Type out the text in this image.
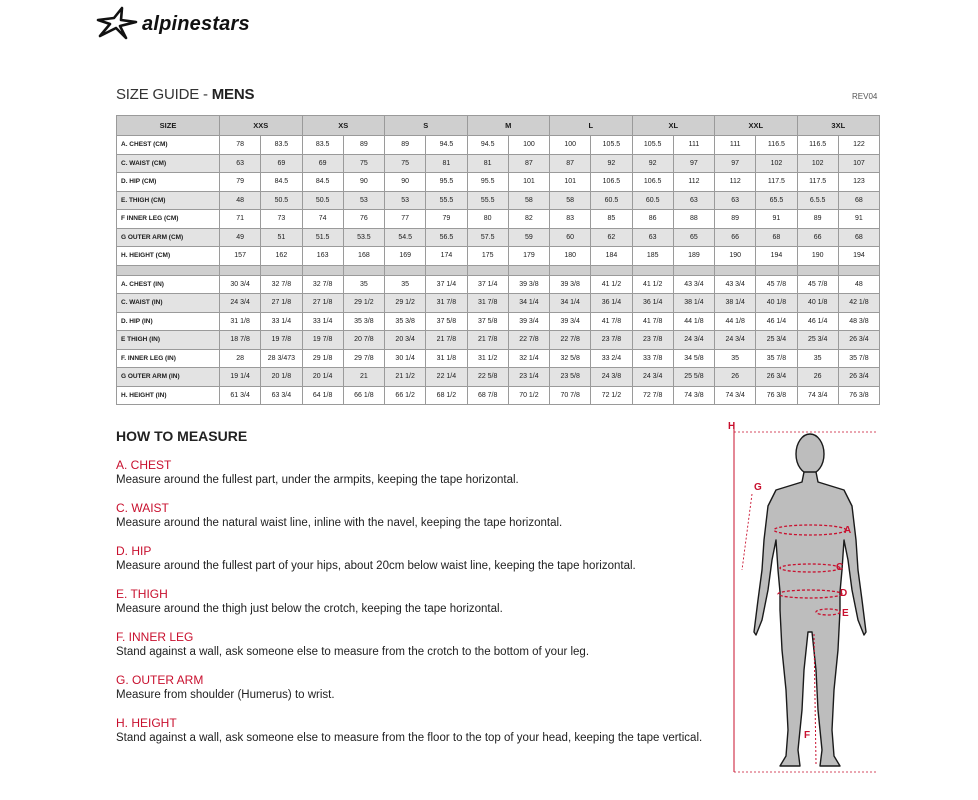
alpinestars
SIZE GUIDE - MENS	REV04
SIZE	XXS		XS		S		M		L		XL		XXL		3XL	
A. CHEST (CM)	78	83.5	83.5	89	89	94.5	94.5	100	100	105.5	105.5	111	111	116.5	116.5	122
C. WAIST (CM)	63	69	69	75	75	81	81	87	87	92	92	97	97	102	102	107
D. HIP (CM)	79	84.5	84.5	90	90	95.5	95.5	101	101	106.5	106.5	112	112	117.5	117.5	123
E. THIGH (CM)	48	50.5	50.5	53	53	55.5	55.5	58	58	60.5	60.5	63	63	65.5	6.5.5	68
F INNER LEG (CM)	71	73	74	76	77	79	80	82	83	85	86	88	89	91	89	91
G OUTER ARM (CM)	49	51	51.5	53.5	54.5	56.5	57.5	59	60	62	63	65	66	68	66	68
H. HEIGHT (CM)	157	162	163	168	169	174	175	179	180	184	185	189	190	194	190	194

A. CHEST (IN)	30 3/4	32 7/8	32 7/8	35	35	37 1/4	37 1/4	39 3/8	39 3/8	41 1/2	41 1/2	43 3/4	43 3/4	45 7/8	45 7/8	48
C. WAIST (IN)	24 3/4	27 1/8	27 1/8	29 1/2	29 1/2	31 7/8	31 7/8	34 1/4	34 1/4	36 1/4	36 1/4	38 1/4	38 1/4	40 1/8	40 1/8	42 1/8
D. HIP (IN)	31 1/8	33 1/4	33 1/4	35 3/8	35 3/8	37 5/8	37 5/8	39 3/4	39 3/4	41 7/8	41 7/8	44 1/8	44 1/8	46 1/4	46 1/4	48 3/8
E THIGH (IN)	18 7/8	19 7/8	19 7/8	20 7/8	20 3/4	21 7/8	21 7/8	22 7/8	22 7/8	23 7/8	23 7/8	24 3/4	24 3/4	25 3/4	25 3/4	26 3/4
F. INNER LEG (IN)	28	28 3/473	29 1/8	29 7/8	30 1/4	31 1/8	31 1/2	32 1/4	32 5/8	33 2/4	33 7/8	34 5/8	35	35 7/8	35	35 7/8
G OUTER ARM (IN)	19 1/4	20 1/8	20 1/4	21	21 1/2	22 1/4	22 5/8	23 1/4	23 5/8	24 3/8	24 3/4	25 5/8	26	26 3/4	26	26 3/4
H. HEIGHT (IN)	61 3/4	63 3/4	64 1/8	66 1/8	66 1/2	68 1/2	68 7/8	70 1/2	70 7/8	72 1/2	72 7/8	74 3/8	74 3/4	76 3/8	74 3/4	76 3/8
HOW TO MEASURE
A. CHEST
Measure around the fullest part, under the armpits, keeping the tape horizontal.
C. WAIST
Measure around the natural waist line, inline with the navel, keeping the tape horizontal.
D. HIP
Measure around the fullest part of your hips, about 20cm below waist line, keeping the tape horizontal.
E. THIGH
Measure around the thigh just below the crotch, keeping the tape horizontal.
F. INNER LEG
Stand against a wall, ask someone else to measure from the crotch to the bottom of your leg.
G. OUTER ARM
Measure from shoulder (Humerus) to wrist.
H. HEIGHT
Stand against a wall, ask someone else to measure from the floor to the top of your head, keeping the tape vertical.
H
G
A
C
D
E
F
